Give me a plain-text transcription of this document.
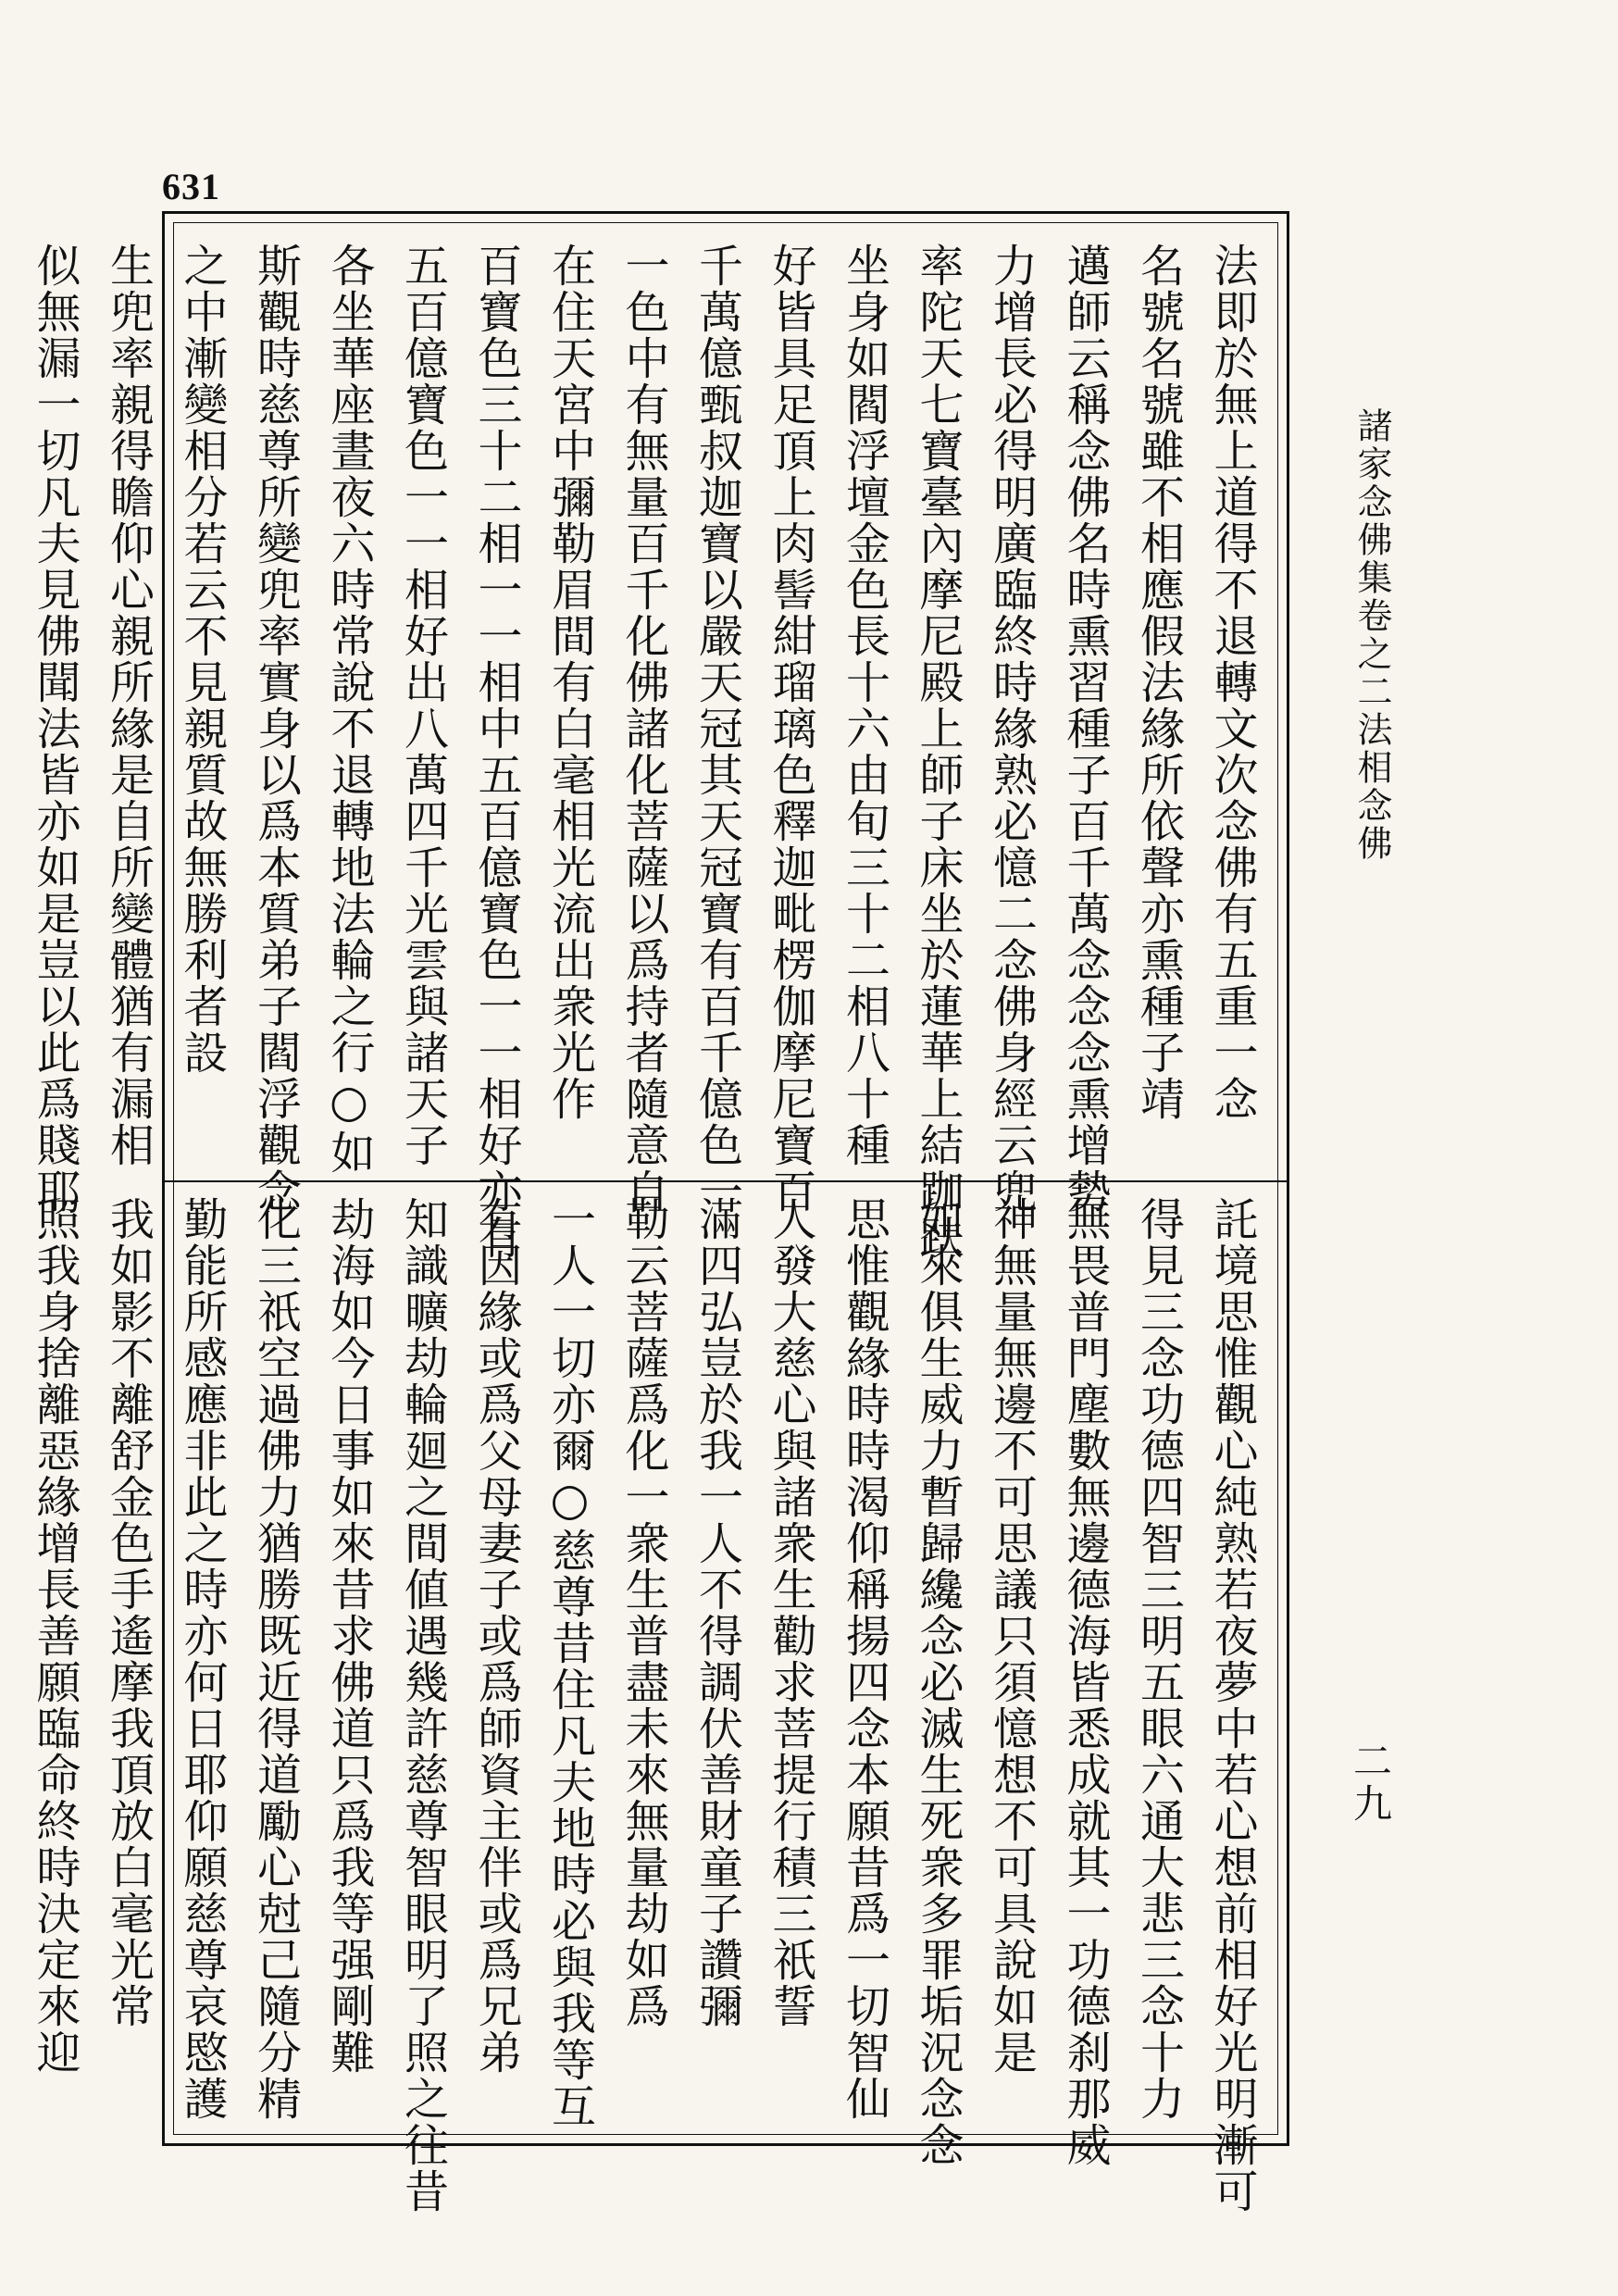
631
法即於無上道得不退轉文次念佛有五重一念
名號名號雖不相應假法緣所依聲亦熏種子靖
邁師云稱念佛名時熏習種子百千萬念念念熏增勢
力增長必得明廣臨終時緣熟必憶二念佛身經云兜
率陀天七寶臺內摩尼殿上師子床坐於蓮華上結跏趺
坐身如閻浮壇金色長十六由旬三十二相八十種
好皆具足頂上肉髻紺瑠璃色釋迦毗楞伽摩尼寶百
千萬億甄叔迦寶以嚴天冠其天冠寶有百千億色一
一色中有無量百千化佛諸化菩薩以爲持者隨意自
在住天宮中彌勒眉間有白毫相光流出衆光作
百寶色三十二相一一相中五百億寶色一一相好亦有
五百億寶色一一相好出八萬四千光雲與諸天子
各坐華座晝夜六時常說不退轉地法輪之行○如
斯觀時慈尊所變兜率實身以爲本質弟子閻浮觀念
之中漸變相分若云不見親質故無勝利者設
生兜率親得瞻仰心親所緣是自所變體猶有漏相
似無漏一切凡夫見佛聞法皆亦如是豈以此爲賤耶
託境思惟觀心純熟若夜夢中若心想前相好光明漸可
得見三念功德四智三明五眼六通大悲三念十力
無畏普門塵數無邊德海皆悉成就其一功德刹那威
神無量無邊不可思議只須憶想不可具說如是
如來俱生威力暫歸纔念必滅生死衆多罪垢況念念
思惟觀緣時時渴仰稱揚四念本願昔爲一切智仙
人發大慈心與諸衆生勸求菩提行積三祇誓
滿四弘豈於我一人不得調伏善財童子讚彌
勒云菩薩爲化一衆生普盡未來無量劫如爲
一人一切亦爾○慈尊昔住凡夫地時必與我等互
有因緣或爲父母妻子或爲師資主伴或爲兄弟
知識曠劫輪廻之間値遇幾許慈尊智眼明了照之往昔
劫海如今日事如來昔求佛道只爲我等强剛難
化三祇空過佛力猶勝既近得道勵心尅己隨分精
勤能所感應非此之時亦何日耶仰願慈尊哀愍護
我如影不離舒金色手遙摩我頂放白毫光常
照我身捨離惡緣增長善願臨命終時決定來迎
諸家念佛集卷之二法相念佛
二九
